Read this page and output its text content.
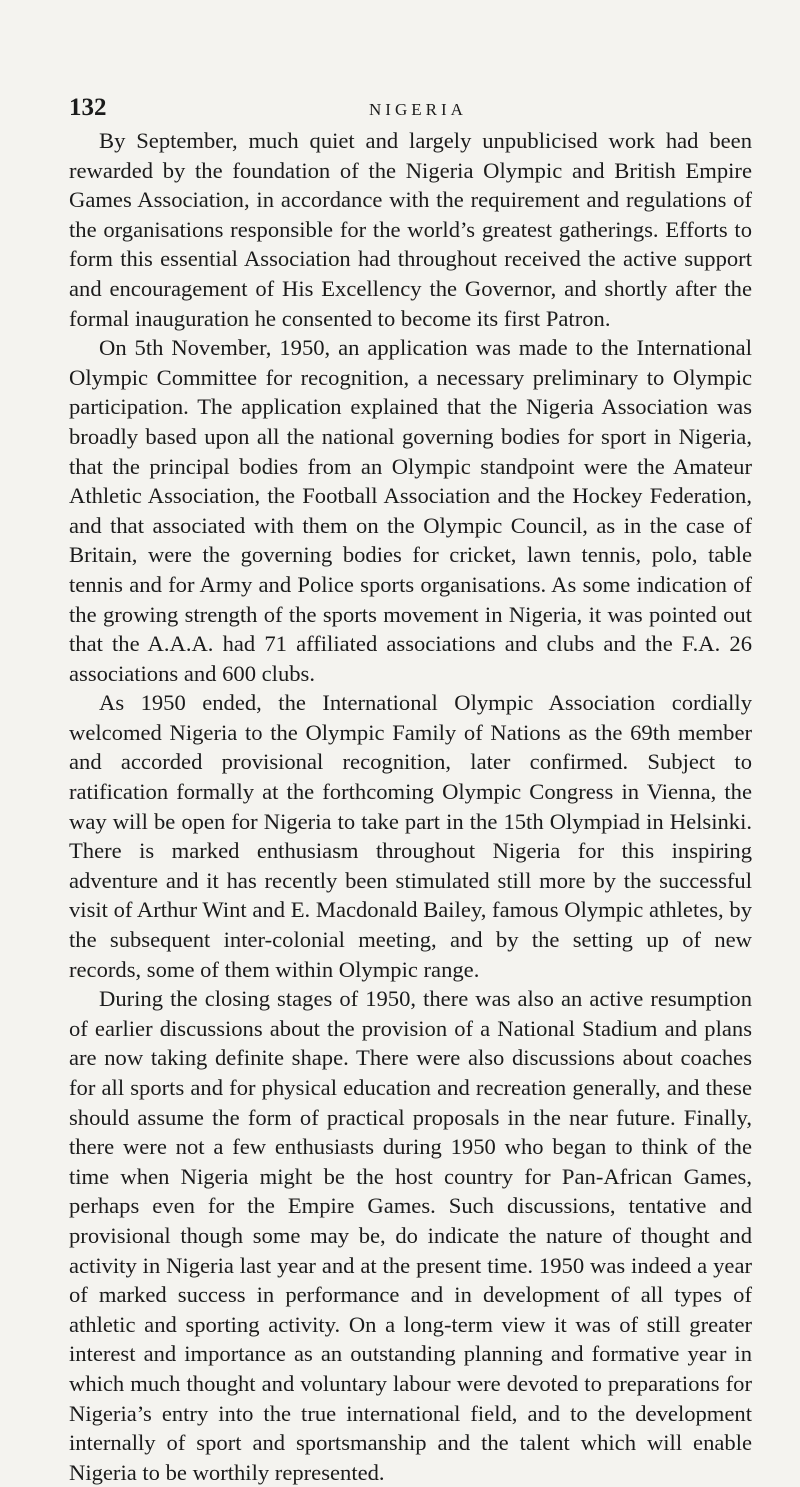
132	NIGERIA

By September, much quiet and largely unpublicised work had been rewarded by the foundation of the Nigeria Olympic and British Empire Games Association, in accordance with the requirement and regulations of the organisations responsible for the world’s greatest gatherings. Efforts to form this essential Association had throughout received the active support and encouragement of His Excellency the Governor, and shortly after the formal inauguration he consented to become its first Patron.

On 5th November, 1950, an application was made to the International Olympic Committee for recognition, a necessary preliminary to Olympic participation. The application explained that the Nigeria Association was broadly based upon all the national governing bodies for sport in Nigeria, that the principal bodies from an Olympic standpoint were the Amateur Athletic Association, the Football Association and the Hockey Federation, and that associated with them on the Olympic Council, as in the case of Britain, were the governing bodies for cricket, lawn tennis, polo, table tennis and for Army and Police sports organisations. As some indication of the growing strength of the sports movement in Nigeria, it was pointed out that the A.A.A. had 71 affiliated associations and clubs and the F.A. 26 associations and 600 clubs.

As 1950 ended, the International Olympic Association cordially welcomed Nigeria to the Olympic Family of Nations as the 69th member and accorded provisional recognition, later confirmed. Subject to ratification formally at the forthcoming Olympic Congress in Vienna, the way will be open for Nigeria to take part in the 15th Olympiad in Helsinki. There is marked enthusiasm throughout Nigeria for this inspiring adventure and it has recently been stimulated still more by the successful visit of Arthur Wint and E. Macdonald Bailey, famous Olympic athletes, by the subsequent inter-colonial meeting, and by the setting up of new records, some of them within Olympic range.

During the closing stages of 1950, there was also an active resumption of earlier discussions about the provision of a National Stadium and plans are now taking definite shape. There were also discussions about coaches for all sports and for physical education and recreation generally, and these should assume the form of practical proposals in the near future. Finally, there were not a few enthusiasts during 1950 who began to think of the time when Nigeria might be the host country for Pan-African Games, perhaps even for the Empire Games. Such discussions, tentative and provisional though some may be, do indicate the nature of thought and activity in Nigeria last year and at the present time. 1950 was indeed a year of marked success in performance and in development of all types of athletic and sporting activity. On a long-term view it was of still greater interest and importance as an outstanding planning and formative year in which much thought and voluntary labour were devoted to preparations for Nigeria’s entry into the true international field, and to the development internally of sport and sportsmanship and the talent which will enable Nigeria to be worthily represented.
